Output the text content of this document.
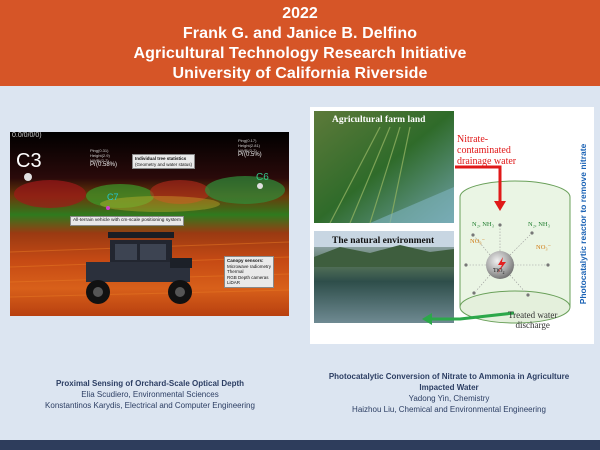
2022
Frank G. and Janice B. Delfino
Agricultural Technology Research Initiative
University of California Riverside
0.0/0/0/0)
C3
C7
C6
Ping(0.31)
Height(2.9)
NWBI(2.7)
Pr(0.58%)
Ping(0.17)
Height(2.81)
NWBI(2.7)
Pr(0.5%)
Individual tree statistics
(Geometry and water status)
All-terrain vehicle with cm-scale positioning system
Canopy sensors:
Microwave radiometry
Thermal
RGB Depth cameras
LiDAR
Agricultural farm land
The natural environment
Nitrate-
contaminated
drainage water
Treated water
discharge
N₂, NH₃	N₂, NH₃
NO₃⁻
NO₃⁻
TiO$_2$	Photocatalytic reactor to remove nitrate
Proximal Sensing of Orchard-Scale Optical Depth
Elia Scudiero, Environmental Sciences
Konstantinos Karydis, Electrical and Computer Engineering
Photocatalytic Conversion of Nitrate to Ammonia in Agriculture
Impacted Water
Yadong Yin, Chemistry
Haizhou Liu, Chemical and Environmental Engineering
